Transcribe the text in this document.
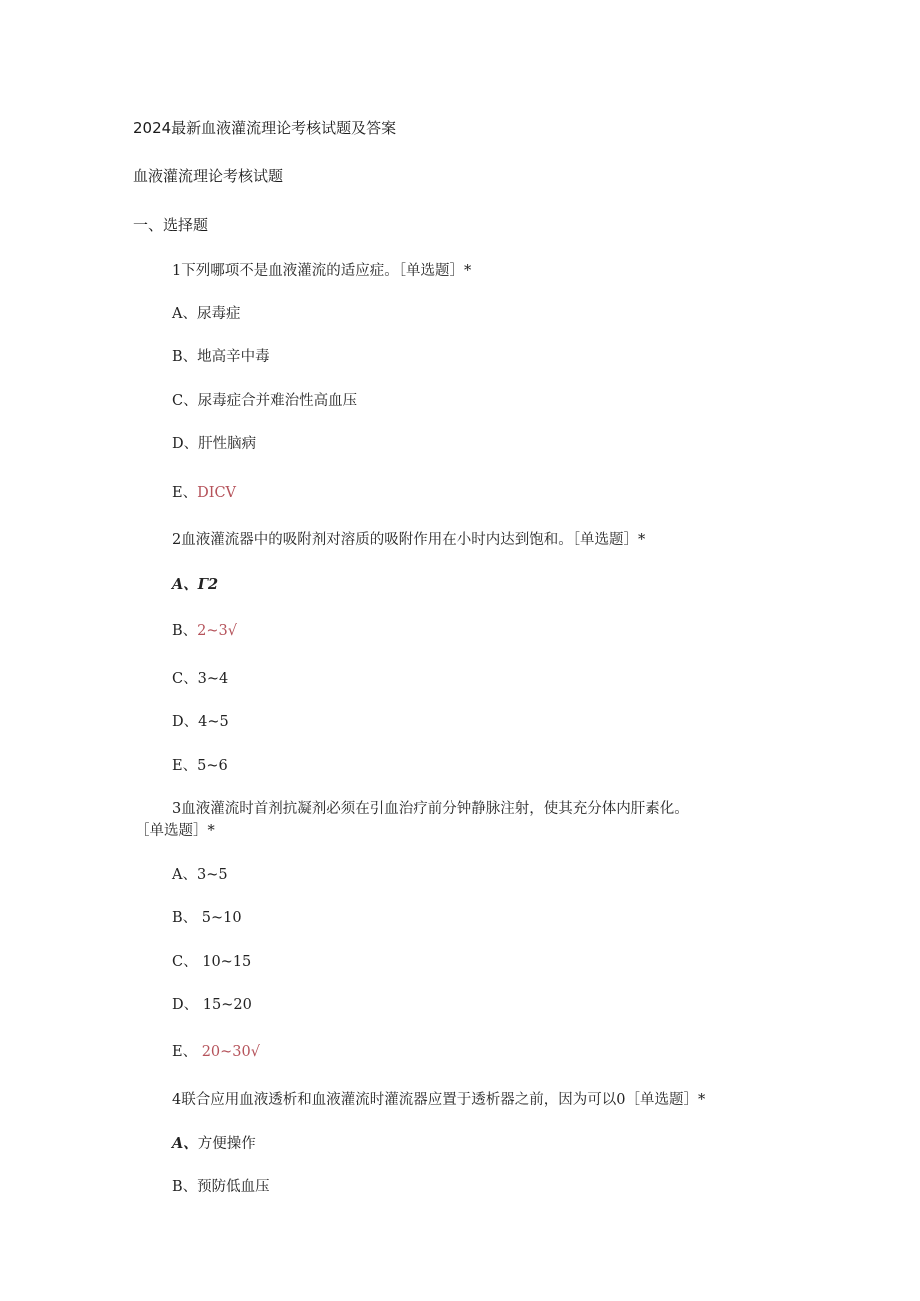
2024最新血液灌流理论考核试题及答案
血液灌流理论考核试题
一、选择题
1下列哪项不是血液灌流的适应症。［单选题］*
A、尿毒症
B、地高辛中毒
C、尿毒症合并难治性高血压
D、肝性脑病
E、DICV
2血液灌流器中的吸附剂对溶质的吸附作用在小时内达到饱和。［单选题］*
A、Γ2
B、2~3√
C、3~4
D、4~5
E、5~6
3血液灌流时首剂抗凝剂必须在引血治疗前分钟静脉注射，使其充分体内肝素化。
［单选题］*
A、3~5
B、 5~10
C、 10~15
D、 15~20
E、 20~30√
4联合应用血液透析和血液灌流时灌流器应置于透析器之前，因为可以0［单选题］*
A、方便操作
B、预防低血压
